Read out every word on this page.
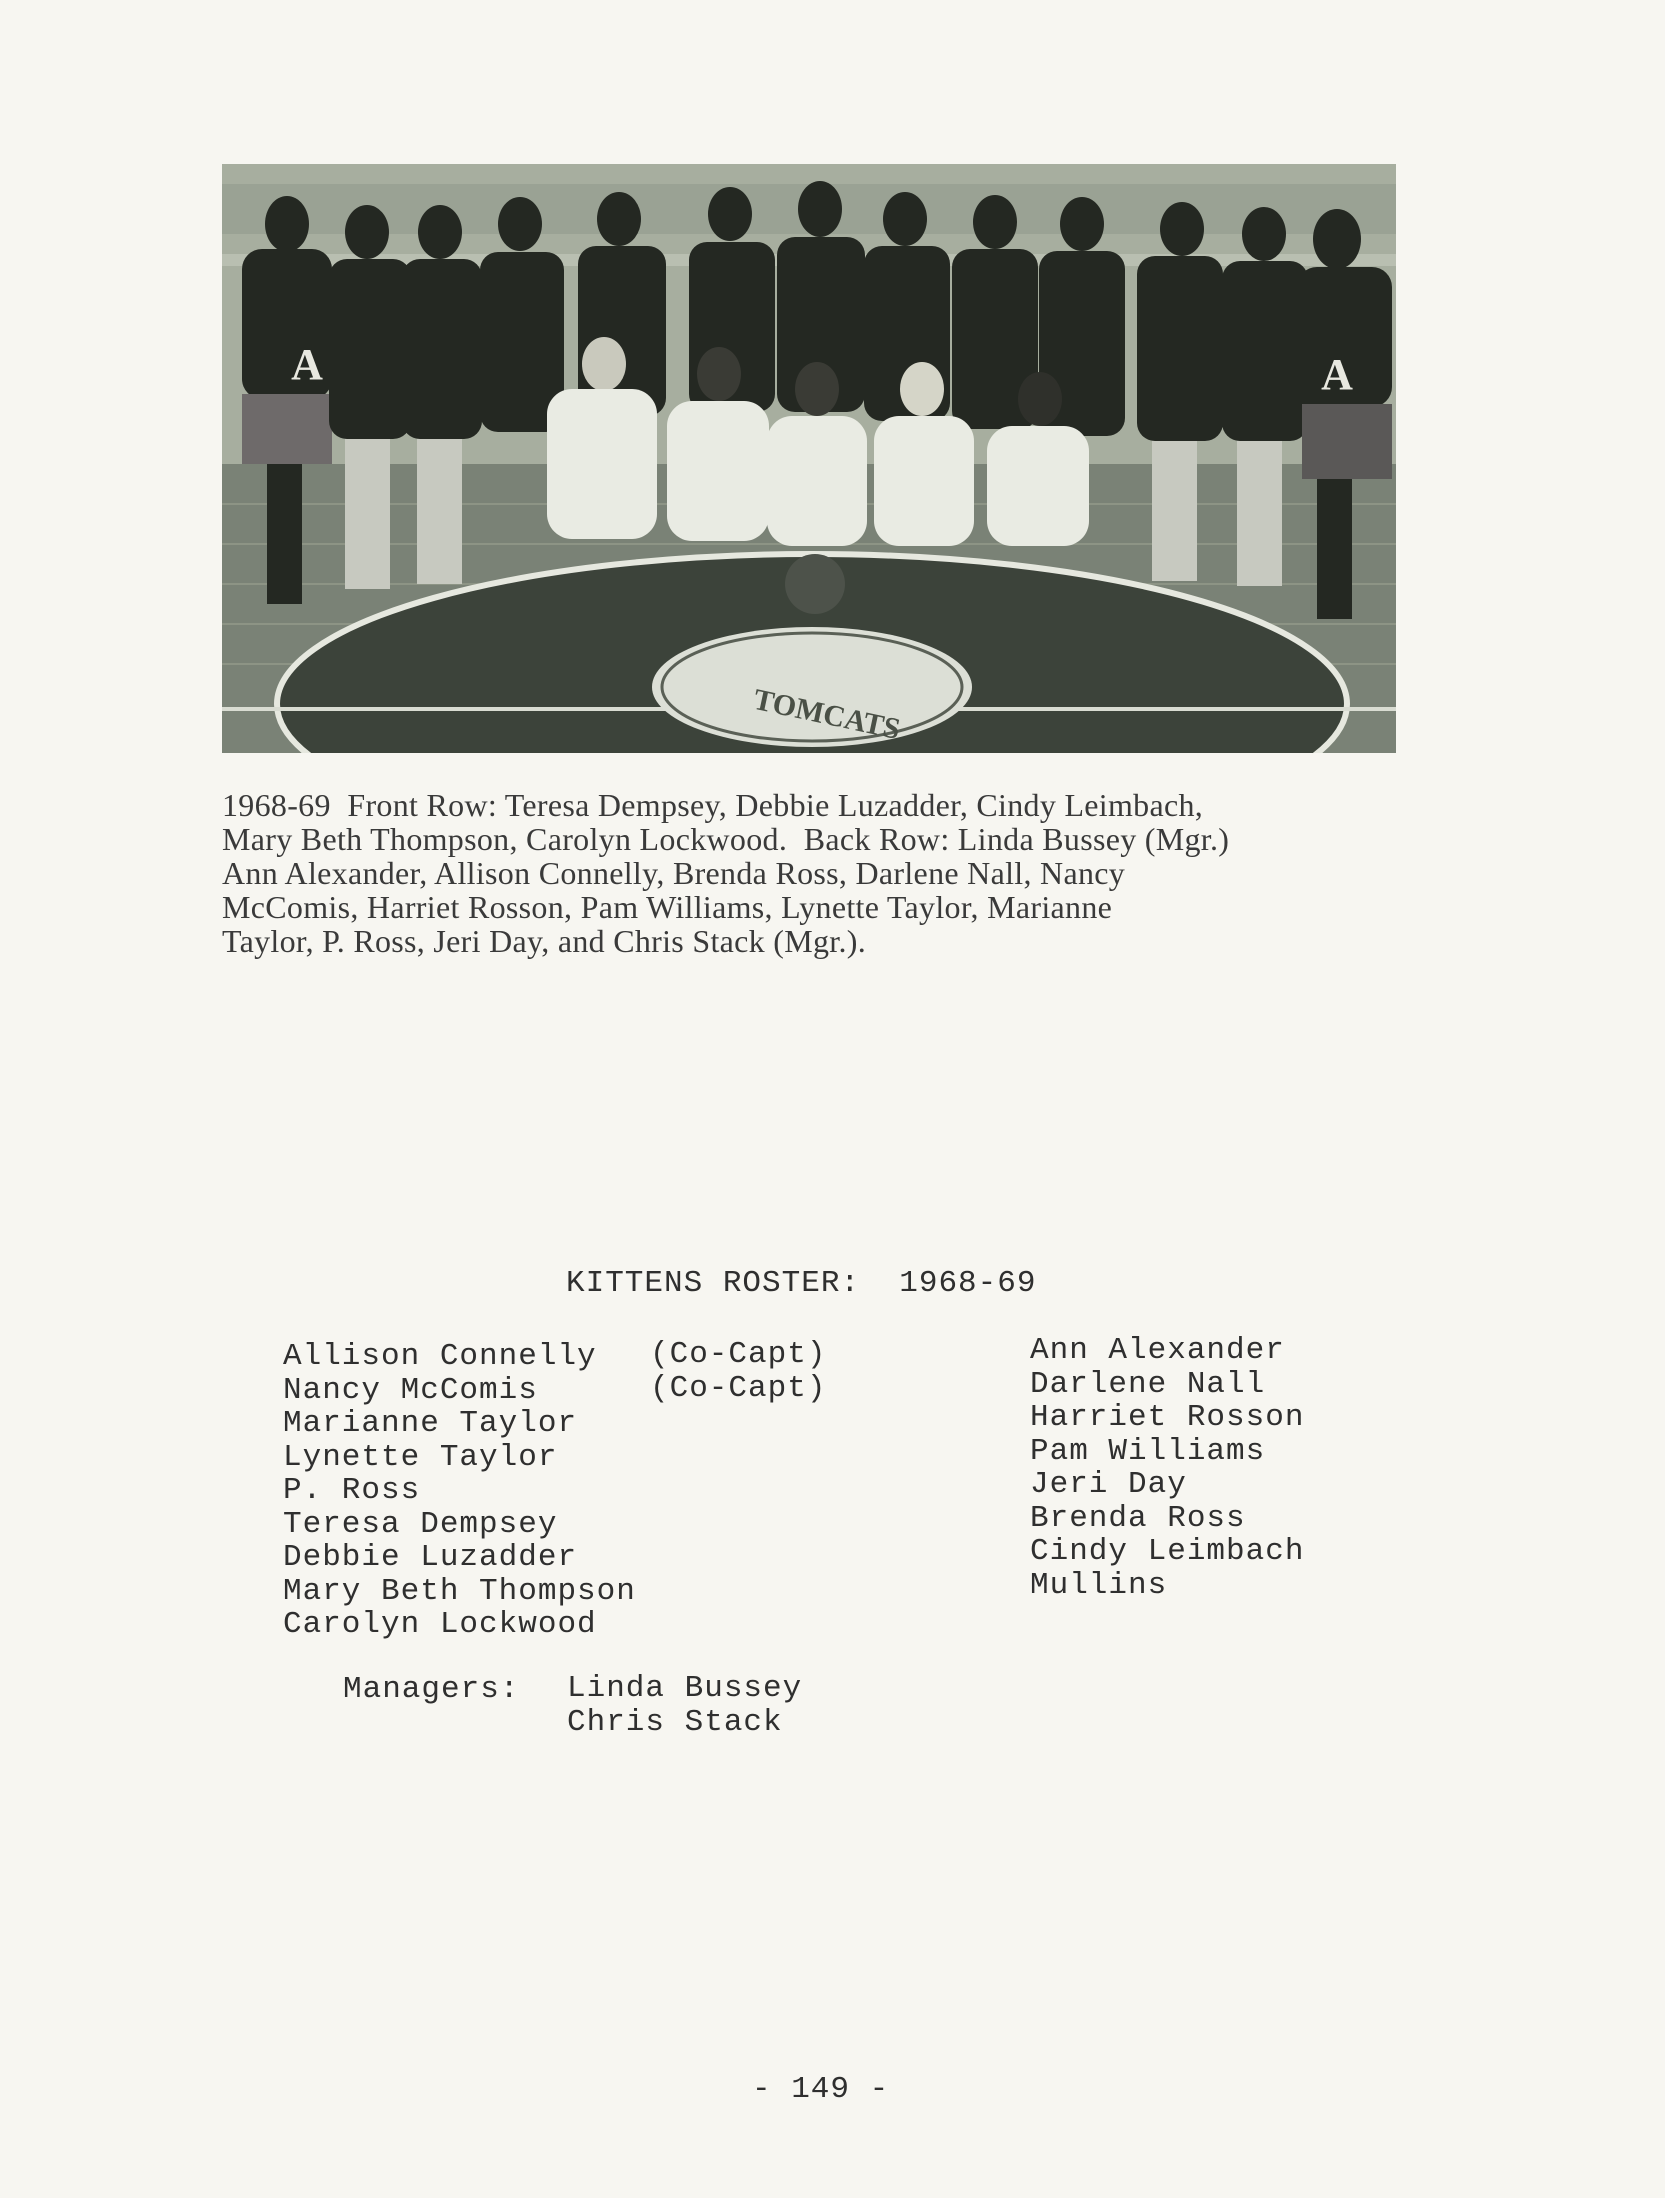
TOMCATS
A	A
1968-69  Front Row: Teresa Dempsey, Debbie Luzadder, Cindy Leimbach,
Mary Beth Thompson, Carolyn Lockwood.  Back Row: Linda Bussey (Mgr.)
Ann Alexander, Allison Connelly, Brenda Ross, Darlene Nall, Nancy
McComis, Harriet Rosson, Pam Williams, Lynette Taylor, Marianne
Taylor, P. Ross, Jeri Day, and Chris Stack (Mgr.).
KITTENS ROSTER:  1968-69
Allison Connelly
Nancy McComis
Marianne Taylor
Lynette Taylor
P. Ross
Teresa Dempsey
Debbie Luzadder
Mary Beth Thompson
Carolyn Lockwood
(Co-Capt)
(Co-Capt)
Ann Alexander
Darlene Nall
Harriet Rosson
Pam Williams
Jeri Day
Brenda Ross
Cindy Leimbach
Mullins
Managers: Linda Bussey
Chris Stack
- 149 -
